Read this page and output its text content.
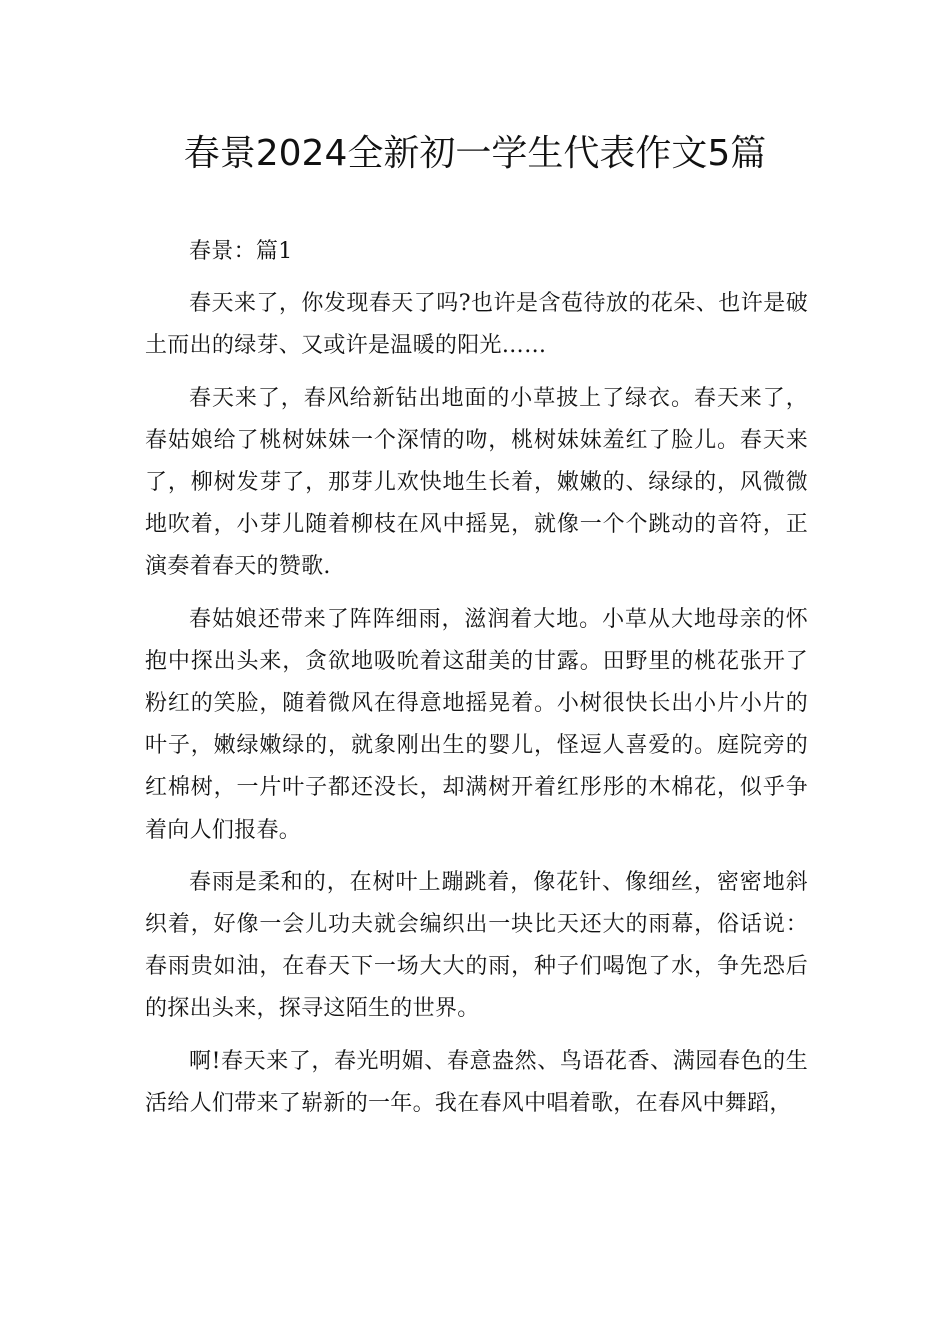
春景2024全新初一学生代表作文5篇

春景：篇1

春天来了，你发现春天了吗?也许是含苞待放的花朵、也许是破土而出的绿芽、又或许是温暖的阳光……

春天来了，春风给新钻出地面的小草披上了绿衣。春天来了，春姑娘给了桃树妹妹一个深情的吻，桃树妹妹羞红了脸儿。春天来了，柳树发芽了，那芽儿欢快地生长着，嫩嫩的、绿绿的，风微微地吹着，小芽儿随着柳枝在风中摇晃，就像一个个跳动的音符，正演奏着春天的赞歌.

春姑娘还带来了阵阵细雨，滋润着大地。小草从大地母亲的怀抱中探出头来，贪欲地吸吮着这甜美的甘露。田野里的桃花张开了粉红的笑脸，随着微风在得意地摇晃着。小树很快长出小片小片的叶子，嫩绿嫩绿的，就象刚出生的婴儿，怪逗人喜爱的。庭院旁的红棉树，一片叶子都还没长，却满树开着红彤彤的木棉花，似乎争着向人们报春。

春雨是柔和的，在树叶上蹦跳着，像花针、像细丝，密密地斜织着，好像一会儿功夫就会编织出一块比天还大的雨幕，俗话说：春雨贵如油，在春天下一场大大的雨，种子们喝饱了水，争先恐后的探出头来，探寻这陌生的世界。

啊!春天来了，春光明媚、春意盎然、鸟语花香、满园春色的生活给人们带来了崭新的一年。我在春风中唱着歌，在春风中舞蹈，
